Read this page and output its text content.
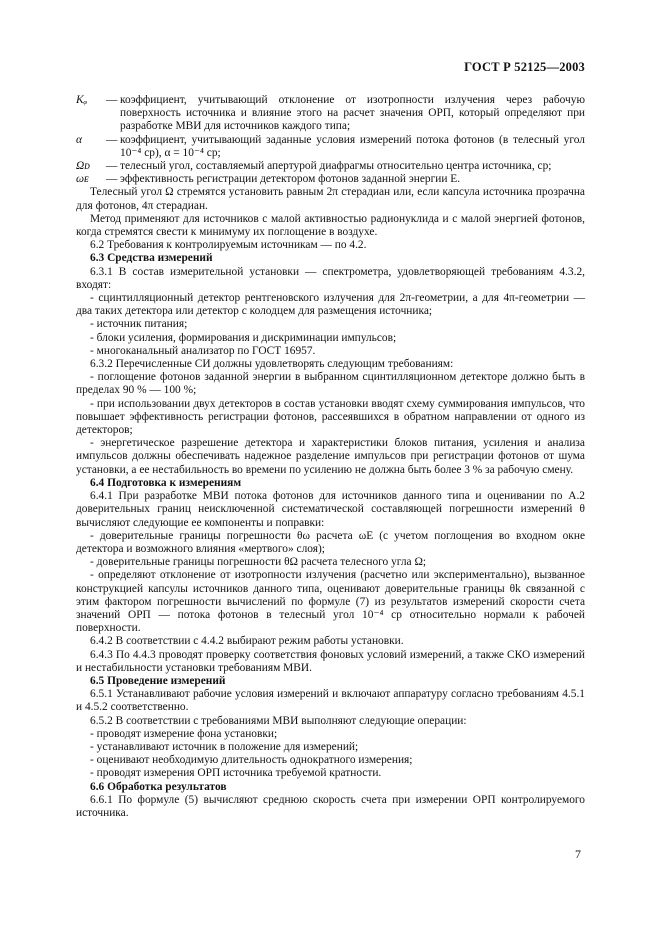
ГОСТ Р 52125—2003
Kᵩ	— коэффициент, учитывающий отклонение от изотропности излучения через рабочую поверхность источника и влияние этого на расчет значения ОРП, который определяют при разработке МВИ для источников каждого типа;
α	— коэффициент, учитывающий заданные условия измерений потока фотонов (в телесный угол 10⁻⁴ ср), α = 10⁻⁴ ср;
Ωᴅ	— телесный угол, составляемый апертурой диафрагмы относительно центра источника, ср;
ωᴇ	— эффективность регистрации детектором фотонов заданной энергии E.

Телесный угол Ω стремятся установить равным 2π стерадиан или, если капсула источника прозрачна для фотонов, 4π стерадиан.

Метод применяют для источников с малой активностью радионуклида и с малой энергией фотонов, когда стремятся свести к минимуму их поглощение в воздухе.

6.2 Требования к контролируемым источникам — по 4.2.

6.3 Средства измерений

6.3.1 В состав измерительной установки — спектрометра, удовлетворяющей требованиям 4.3.2, входят:

- сцинтилляционный детектор рентгеновского излучения для 2π-геометрии, а для 4π-геометрии — два таких детектора или детектор с колодцем для размещения источника;

- источник питания;

- блоки усиления, формирования и дискриминации импульсов;

- многоканальный анализатор по ГОСТ 16957.

6.3.2 Перечисленные СИ должны удовлетворять следующим требованиям:

- поглощение фотонов заданной энергии в выбранном сцинтилляционном детекторе должно быть в пределах 90 % — 100 %;

- при использовании двух детекторов в состав установки вводят схему суммирования импульсов, что повышает эффективность регистрации фотонов, рассеявшихся в обратном направлении от одного из детекторов;

- энергетическое разрешение детектора и характеристики блоков питания, усиления и анализа импульсов должны обеспечивать надежное разделение импульсов при регистрации фотонов от шума установки, а ее нестабильность во времени по усилению не должна быть более 3 % за рабочую смену.

6.4 Подготовка к измерениям

6.4.1 При разработке МВИ потока фотонов для источников данного типа и оценивании по А.2 доверительных границ неисключенной систематической составляющей погрешности измерений θ вычисляют следующие ее компоненты и поправки:

- доверительные границы погрешности θω расчета ωE (с учетом поглощения во входном окне детектора и возможного влияния «мертвого» слоя);

- доверительные границы погрешности θΩ расчета телесного угла Ω;

- определяют отклонение от изотропности излучения (расчетно или экспериментально), вызванное конструкцией капсулы источников данного типа, оценивают доверительные границы θk связанной с этим фактором погрешности вычислений по формуле (7) из результатов измерений скорости счета значений ОРП — потока фотонов в телесный угол 10⁻⁴ ср относительно нормали к рабочей поверхности.

6.4.2 В соответствии с 4.4.2 выбирают режим работы установки.

6.4.3 По 4.4.3 проводят проверку соответствия фоновых условий измерений, а также СКО измерений и нестабильности установки требованиям МВИ.

6.5 Проведение измерений

6.5.1 Устанавливают рабочие условия измерений и включают аппаратуру согласно требованиям 4.5.1 и 4.5.2 соответственно.

6.5.2 В соответствии с требованиями МВИ выполняют следующие операции:

- проводят измерение фона установки;

- устанавливают источник в положение для измерений;

- оценивают необходимую длительность однократного измерения;

- проводят измерения ОРП источника требуемой кратности.

6.6 Обработка результатов

6.6.1 По формуле (5) вычисляют среднюю скорость счета при измерении ОРП контролируемого источника.

7
